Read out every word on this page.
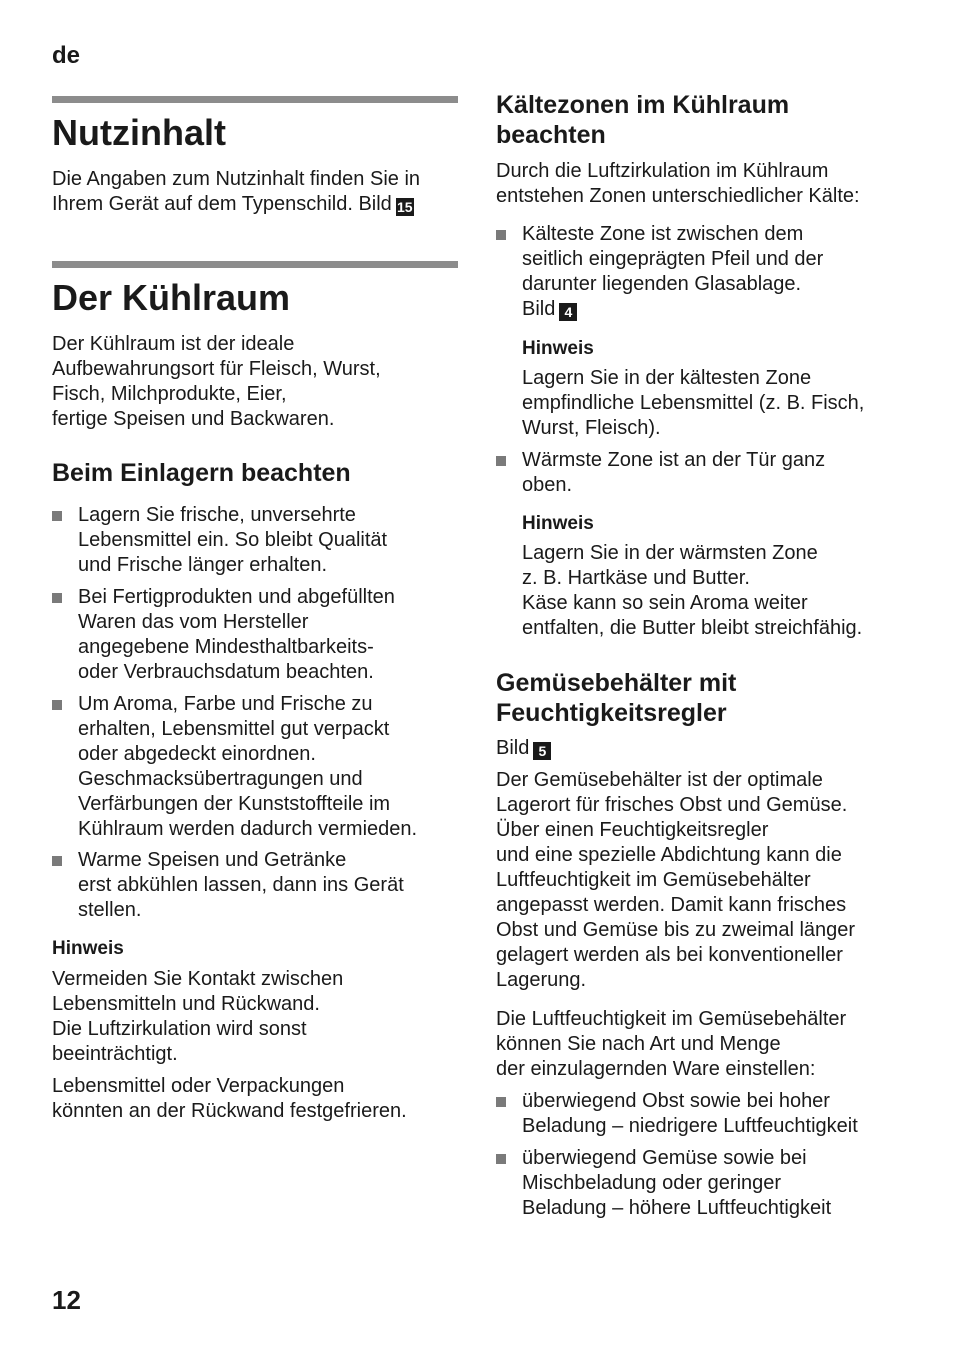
de
Nutzinhalt
Die Angaben zum Nutzinhalt finden Sie in
Ihrem Gerät auf dem Typenschild. Bild 15
Der Kühlraum
Der Kühlraum ist der ideale
Aufbewahrungsort für Fleisch, Wurst,
Fisch, Milchprodukte, Eier,
fertige Speisen und Backwaren.
Beim Einlagern beachten
Lagern Sie frische, unversehrte
Lebensmittel ein. So bleibt Qualität
und Frische länger erhalten.
Bei Fertigprodukten und abgefüllten
Waren das vom Hersteller
angegebene Mindesthaltbarkeits-
oder Verbrauchsdatum beachten.
Um Aroma, Farbe und Frische zu
erhalten, Lebensmittel gut verpackt
oder abgedeckt einordnen.
Geschmacksübertragungen und
Verfärbungen der Kunststoffteile im
Kühlraum werden dadurch vermieden.
Warme Speisen und Getränke
erst abkühlen lassen, dann ins Gerät
stellen.
Hinweis
Vermeiden Sie Kontakt zwischen
Lebensmitteln und Rückwand.
Die Luftzirkulation wird sonst
beeinträchtigt.
Lebensmittel oder Verpackungen
könnten an der Rückwand festgefrieren.
Kältezonen im Kühlraum
beachten
Durch die Luftzirkulation im Kühlraum
entstehen Zonen unterschiedlicher Kälte:
Kälteste Zone ist zwischen dem
seitlich eingeprägten Pfeil und der
darunter liegenden Glasablage.
Bild 4
Hinweis
Lagern Sie in der kältesten Zone
empfindliche Lebensmittel (z. B. Fisch,
Wurst, Fleisch).
Wärmste Zone ist an der Tür ganz
oben.
Hinweis
Lagern Sie in der wärmsten Zone
z. B. Hartkäse und Butter.
Käse kann so sein Aroma weiter
entfalten, die Butter bleibt streichfähig.
Gemüsebehälter mit
Feuchtigkeitsregler
Bild 5
Der Gemüsebehälter ist der optimale
Lagerort für frisches Obst und Gemüse.
Über einen Feuchtigkeitsregler
und eine spezielle Abdichtung kann die
Luftfeuchtigkeit im Gemüsebehälter
angepasst werden. Damit kann frisches
Obst und Gemüse bis zu zweimal länger
gelagert werden als bei konventioneller
Lagerung.
Die Luftfeuchtigkeit im Gemüsebehälter
können Sie nach Art und Menge
der einzulagernden Ware einstellen:
überwiegend Obst sowie bei hoher
Beladung – niedrigere Luftfeuchtigkeit
überwiegend Gemüse sowie bei
Mischbeladung oder geringer
Beladung – höhere Luftfeuchtigkeit
12
